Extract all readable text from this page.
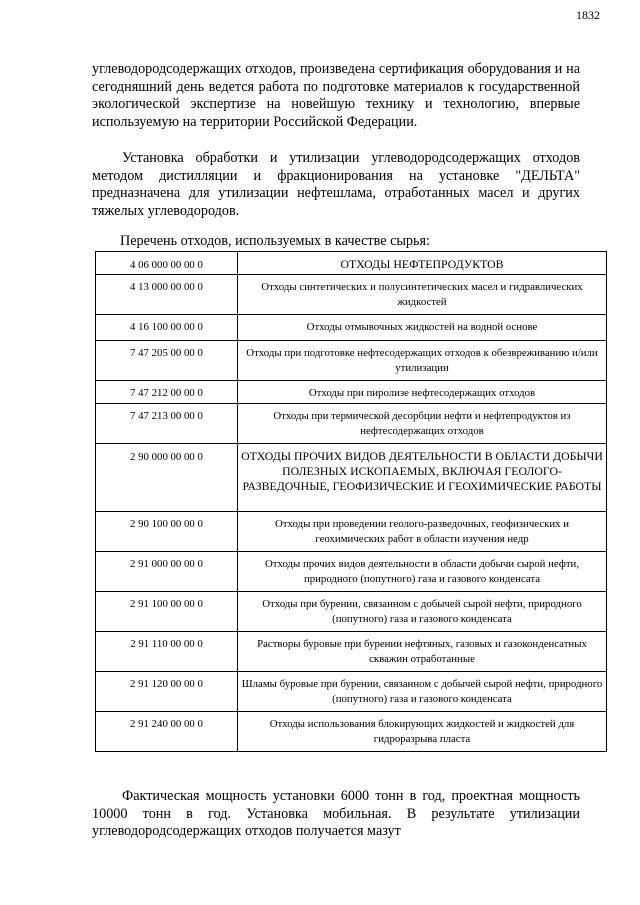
1832

углеводородсодержащих отходов, произведена сертификация оборудования и на сегодняшний день ведется работа по подготовке материалов к государственной экологической экспертизе на новейшую технику и технологию, впервые используемую на территории Российской Федерации.

Установка обработки и утилизации углеводородсодержащих отходов методом дистилляции и фракционирования на установке "ДЕЛЬТА" предназначена для утилизации нефтешлама, отработанных масел и других тяжелых углеводородов.

Перечень отходов, используемых в качестве сырья:

4 06 000 00 00 0	ОТХОДЫ НЕФТЕПРОДУКТОВ
4 13 000 00 00 0	Отходы синтетических и полусинтетических масел и гидравлических жидкостей
4 16 100 00 00 0	Отходы отмывочных жидкостей на водной основе
7 47 205 00 00 0	Отходы при подготовке нефтесодержащих отходов к обезвреживанию и/или утилизации
7 47 212 00 00 0	Отходы при пиролизе нефтесодержащих отходов
7 47 213 00 00 0	Отходы при термической десорбции нефти и нефтепродуктов из нефтесодержащих отходов
2 90 000 00 00 0	ОТХОДЫ ПРОЧИХ ВИДОВ ДЕЯТЕЛЬНОСТИ В ОБЛАСТИ ДОБЫЧИ ПОЛЕЗНЫХ ИСКОПАЕМЫХ, ВКЛЮЧАЯ ГЕОЛОГО-РАЗВЕДОЧНЫЕ, ГЕОФИЗИЧЕСКИЕ И ГЕОХИМИЧЕСКИЕ РАБОТЫ
2 90 100 00 00 0	Отходы при проведении геолого-разведочных, геофизических и геохимических работ в области изучения недр
2 91 000 00 00 0	Отходы прочих видов деятельности в области добычи сырой нефти, природного (попутного) газа и газового конденсата
2 91 100 00 00 0	Отходы при бурении, связанном с добычей сырой нефти, природного (попутного) газа и газового конденсата
2 91 110 00 00 0	Растворы буровые при бурении нефтяных, газовых и газоконденсатных скважин отработанные
2 91 120 00 00 0	Шламы буровые при бурении, связанном с добычей сырой нефти, природного (попутного) газа и газового конденсата
2 91 240 00 00 0	Отходы использования блокирующих жидкостей и жидкостей для гидроразрыва пласта

Фактическая мощность установки 6000 тонн в год, проектная мощность 10000 тонн в год. Установка мобильная. В результате утилизации углеводородсодержащих отходов получается мазут
